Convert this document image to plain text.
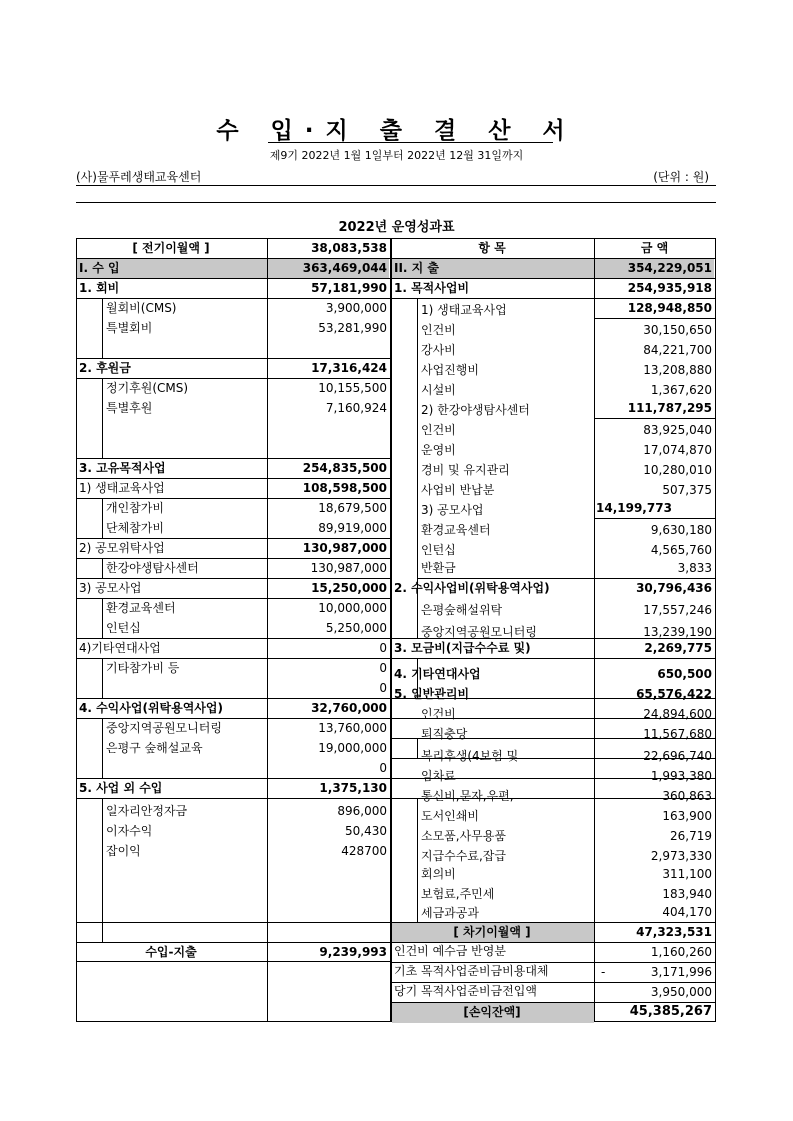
수 입·지 출 결 산 서
제9기 2022년 1월 1일부터 2022년 12월 31일까지
(사)물푸레생태교육센터	(단위 : 원)
2022년 운영성과표
[ 전기이월액 ]	38,083,538
I. 수 입	363,469,044
1. 회비	57,181,990
월회비(CMS)	3,900,000
특별회비	53,281,990
2. 후원금	17,316,424
정기후원(CMS)	10,155,500
특별후원	7,160,924
3. 고유목적사업	254,835,500
1) 생태교육사업	108,598,500
개인참가비	18,679,500
단체참가비	89,919,000
2) 공모위탁사업	130,987,000
한강야생탐사센터	130,987,000
3) 공모사업	15,250,000
환경교육센터	10,000,000
인턴십	5,250,000
4)기타연대사업	0
기타참가비 등	0
0
4. 수익사업(위탁용역사업)	32,760,000
중앙지역공원모니터링	13,760,000
은평구 숲해설교육	19,000,000
0
5. 사업 외 수입	1,375,130
일자리안정자금	896,000
이자수익	50,430
잡이익	428700
수입-지출	9,239,993
항 목	금 액
II. 지 출	354,229,051
1. 목적사업비	254,935,918
1) 생태교육사업	128,948,850
인건비	30,150,650
강사비	84,221,700
사업진행비	13,208,880
시설비	1,367,620
2) 한강야생탐사센터	111,787,295
인건비	83,925,040
운영비	17,074,870
경비 및 유지관리	10,280,010
사업비 반납분	507,375
3) 공모사업	14,199,773
환경교육센터	9,630,180
인턴십	4,565,760
반환금	3,833
2. 수익사업비(위탁용역사업)	30,796,436
은평숲해설위탁	17,557,246
중앙지역공원모니터링	13,239,190
3. 모금비(지급수수료 및)	2,269,775
4. 기타연대사업	650,500
5. 일반관리비	65,576,422
인건비	24,894,600
퇴직충당	11,567,680
복리후생(4보험 및	22,696,740
임차료	1,993,380
통신비,문자,우편,	360,863
도서인쇄비	163,900
소모품,사무용품	26,719
지급수수료,잡급	2,973,330
회의비	311,100
보험료,주민세	183,940
세금과공과	404,170
[ 차기이월액 ]	47,323,531
인건비 예수금 반영분	1,160,260
기초 목적사업준비금비용대체	-	3,171,996
당기 목적사업준비금전입액	3,950,000
[손익잔액]	45,385,267
